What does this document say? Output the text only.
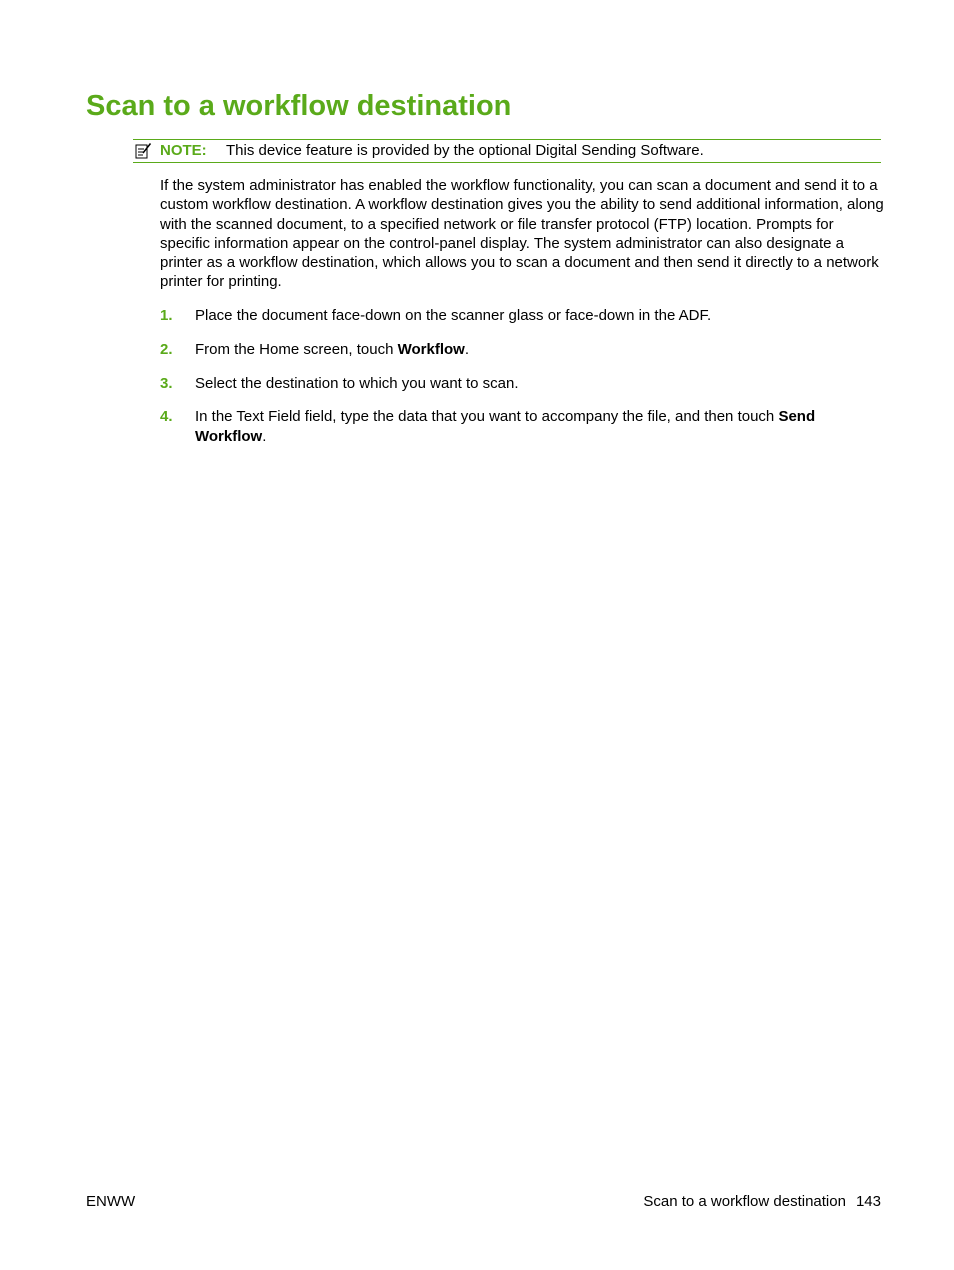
Scan to a workflow destination
NOTE: This device feature is provided by the optional Digital Sending Software.

If the system administrator has enabled the workflow functionality, you can scan a document and send it to a custom workflow destination. A workflow destination gives you the ability to send additional information, along with the scanned document, to a specified network or file transfer protocol (FTP) location. Prompts for specific information appear on the control-panel display. The system administrator can also designate a printer as a workflow destination, which allows you to scan a document and then send it directly to a network printer for printing.

1. Place the document face-down on the scanner glass or face-down in the ADF.
2. From the Home screen, touch Workflow.
3. Select the destination to which you want to scan.
4. In the Text Field field, type the data that you want to accompany the file, and then touch Send Workflow.
ENWW	Scan to a workflow destination 143
